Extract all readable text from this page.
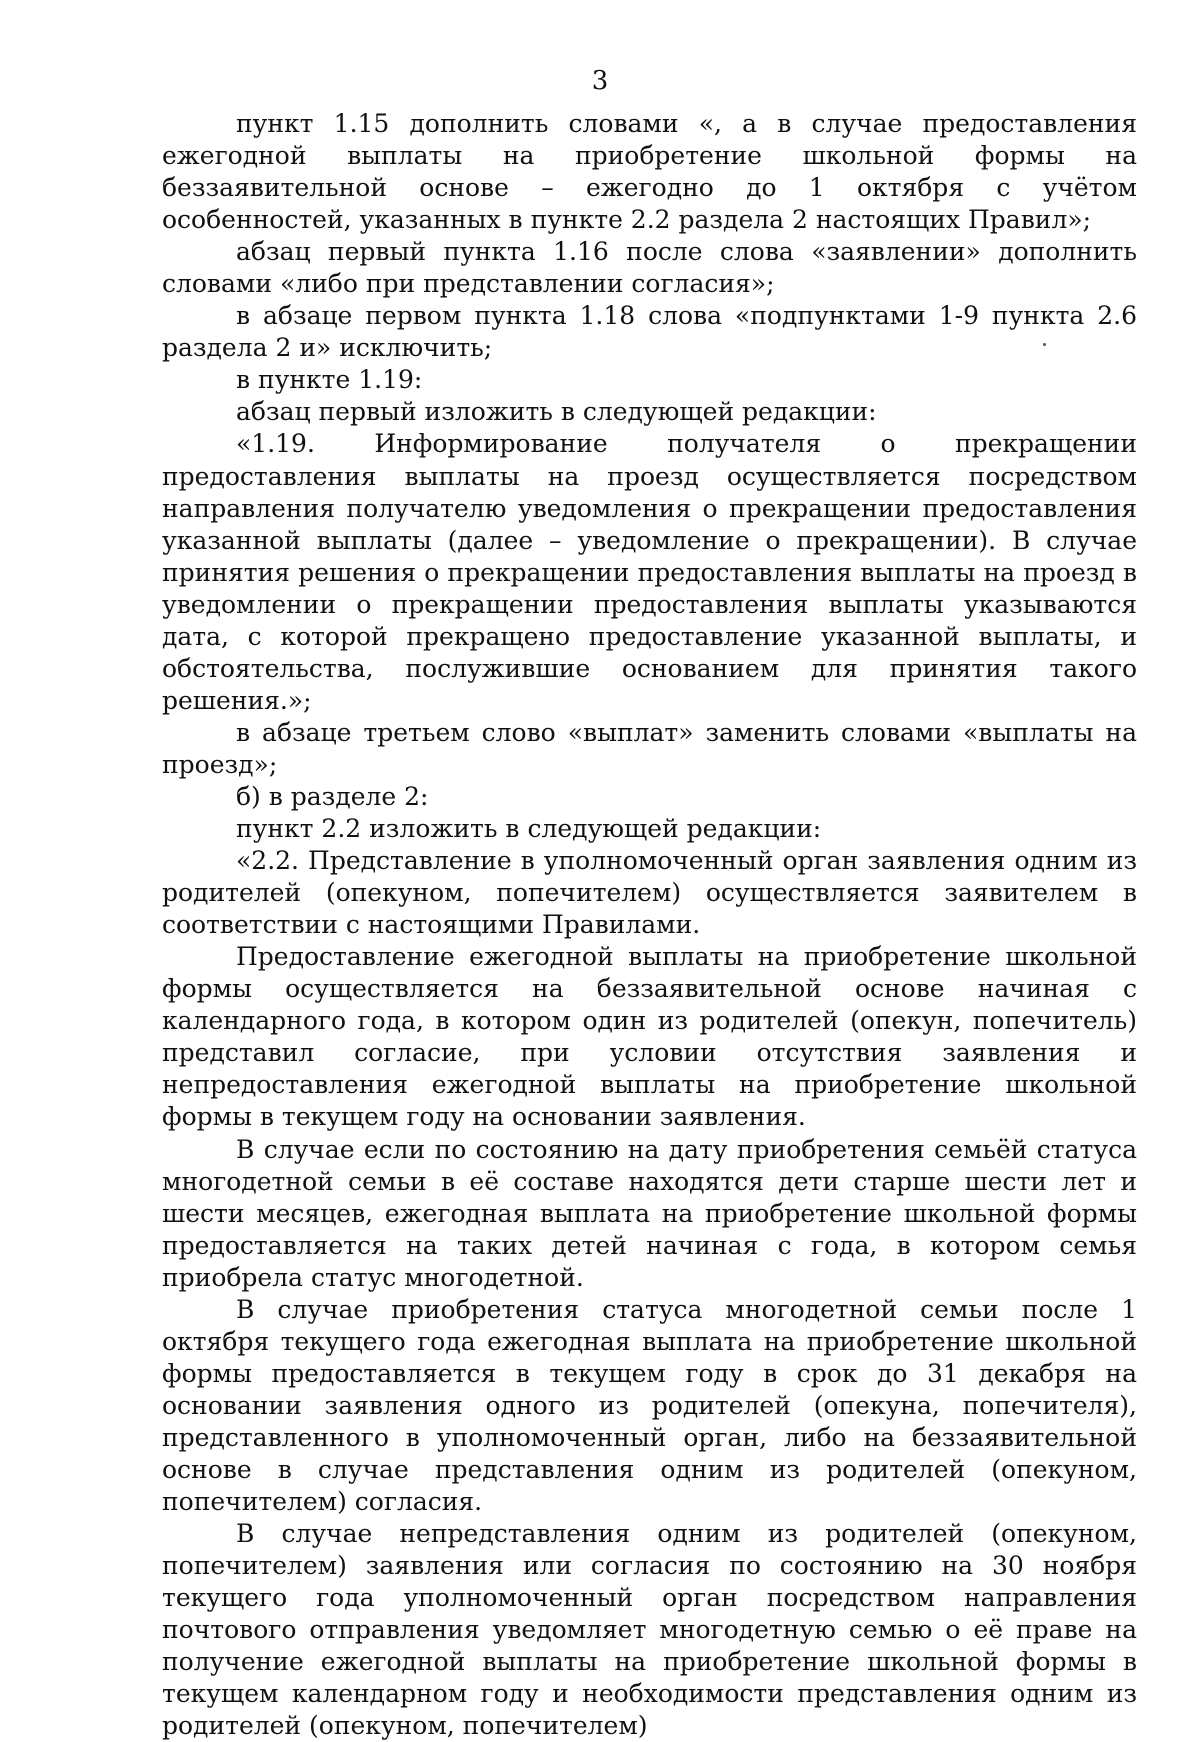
3

пункт 1.15 дополнить словами «, а в случае предоставления ежегодной выплаты на приобретение школьной формы на беззаявительной основе – ежегодно до 1 октября с учётом особенностей, указанных в пункте 2.2 раздела 2 настоящих Правил»;

абзац первый пункта 1.16 после слова «заявлении» дополнить словами «либо при представлении согласия»;

в абзаце первом пункта 1.18 слова «подпунктами 1-9 пункта 2.6 раздела 2 и» исключить;

в пункте 1.19:

абзац первый изложить в следующей редакции:

«1.19. Информирование получателя о прекращении предоставления выплаты на проезд осуществляется посредством направления получателю уведомления о прекращении предоставления указанной выплаты (далее – уведомление о прекращении). В случае принятия решения о прекращении предоставления выплаты на проезд в уведомлении о прекращении предоставления выплаты указываются дата, с которой прекращено предоставление указанной выплаты, и обстоятельства, послужившие основанием для принятия такого решения.»;

в абзаце третьем слово «выплат» заменить словами «выплаты на проезд»;

б) в разделе 2:

пункт 2.2 изложить в следующей редакции:

«2.2. Представление в уполномоченный орган заявления одним из родителей (опекуном, попечителем) осуществляется заявителем в соответствии с настоящими Правилами.

Предоставление ежегодной выплаты на приобретение школьной формы осуществляется на беззаявительной основе начиная с календарного года, в котором один из родителей (опекун, попечитель) представил согласие, при условии отсутствия заявления и непредоставления ежегодной выплаты на приобретение школьной формы в текущем году на основании заявления.

В случае если по состоянию на дату приобретения семьёй статуса многодетной семьи в её составе находятся дети старше шести лет и шести месяцев, ежегодная выплата на приобретение школьной формы предоставляется на таких детей начиная с года, в котором семья приобрела статус многодетной.

В случае приобретения статуса многодетной семьи после 1 октября текущего года ежегодная выплата на приобретение школьной формы предоставляется в текущем году в срок до 31 декабря на основании заявления одного из родителей (опекуна, попечителя), представленного в уполномоченный орган, либо на беззаявительной основе в случае представления одним из родителей (опекуном, попечителем) согласия.

В случае непредставления одним из родителей (опекуном, попечителем) заявления или согласия по состоянию на 30 ноября текущего года уполномоченный орган посредством направления почтового отправления уведомляет многодетную семью о её праве на получение ежегодной выплаты на приобретение школьной формы в текущем календарном году и необходимости представления одним из родителей (опекуном, попечителем)
